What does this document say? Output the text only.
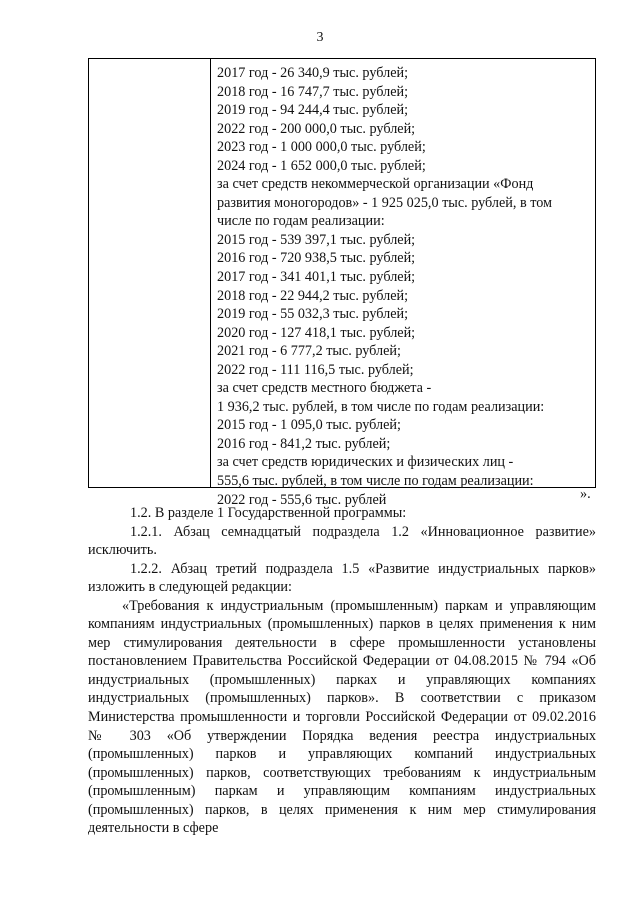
3
2017 год - 26 340,9 тыс. рублей;
2018 год - 16 747,7 тыс. рублей;
2019 год - 94 244,4 тыс. рублей;
2022 год - 200 000,0 тыс. рублей;
2023 год - 1 000 000,0 тыс. рублей;
2024 год - 1 652 000,0 тыс. рублей;
за счет средств некоммерческой организации «Фонд
развития моногородов» - 1 925 025,0 тыс. рублей, в том
числе по годам реализации:
2015 год - 539 397,1 тыс. рублей;
2016 год - 720 938,5 тыс. рублей;
2017 год - 341 401,1 тыс. рублей;
2018 год - 22 944,2 тыс. рублей;
2019 год - 55 032,3 тыс. рублей;
2020 год - 127 418,1 тыс. рублей;
2021 год - 6 777,2 тыс. рублей;
2022 год - 111 116,5 тыс. рублей;
за счет средств местного бюджета -
1 936,2 тыс. рублей, в том числе по годам реализации:
2015 год - 1 095,0 тыс. рублей;
2016 год - 841,2 тыс. рублей;
за счет средств юридических и физических лиц -
555,6 тыс. рублей, в том числе по годам реализации:
2022 год - 555,6 тыс. рублей	».
1.2. В разделе 1 Государственной программы:
1.2.1. Абзац семнадцатый подраздела 1.2 «Инновационное развитие» исключить.
1.2.2. Абзац третий подраздела 1.5 «Развитие индустриальных парков» изложить в следующей редакции:
«Требования к индустриальным (промышленным) паркам и управляющим компаниям индустриальных (промышленных) парков в целях применения к ним мер стимулирования деятельности в сфере промышленности установлены постановлением Правительства Российской Федерации от 04.08.2015 № 794 «Об индустриальных (промышленных) парках и управляющих компаниях индустриальных (промышленных) парков». В соответствии с приказом Министерства промышленности и торговли Российской Федерации от 09.02.2016 № 303 «Об утверждении Порядка ведения реестра индустриальных (промышленных) парков и управляющих компаний индустриальных (промышленных) парков, соответствующих требованиям к индустриальным (промышленным) паркам и управляющим компаниям индустриальных (промышленных) парков, в целях применения к ним мер стимулирования деятельности в сфере
